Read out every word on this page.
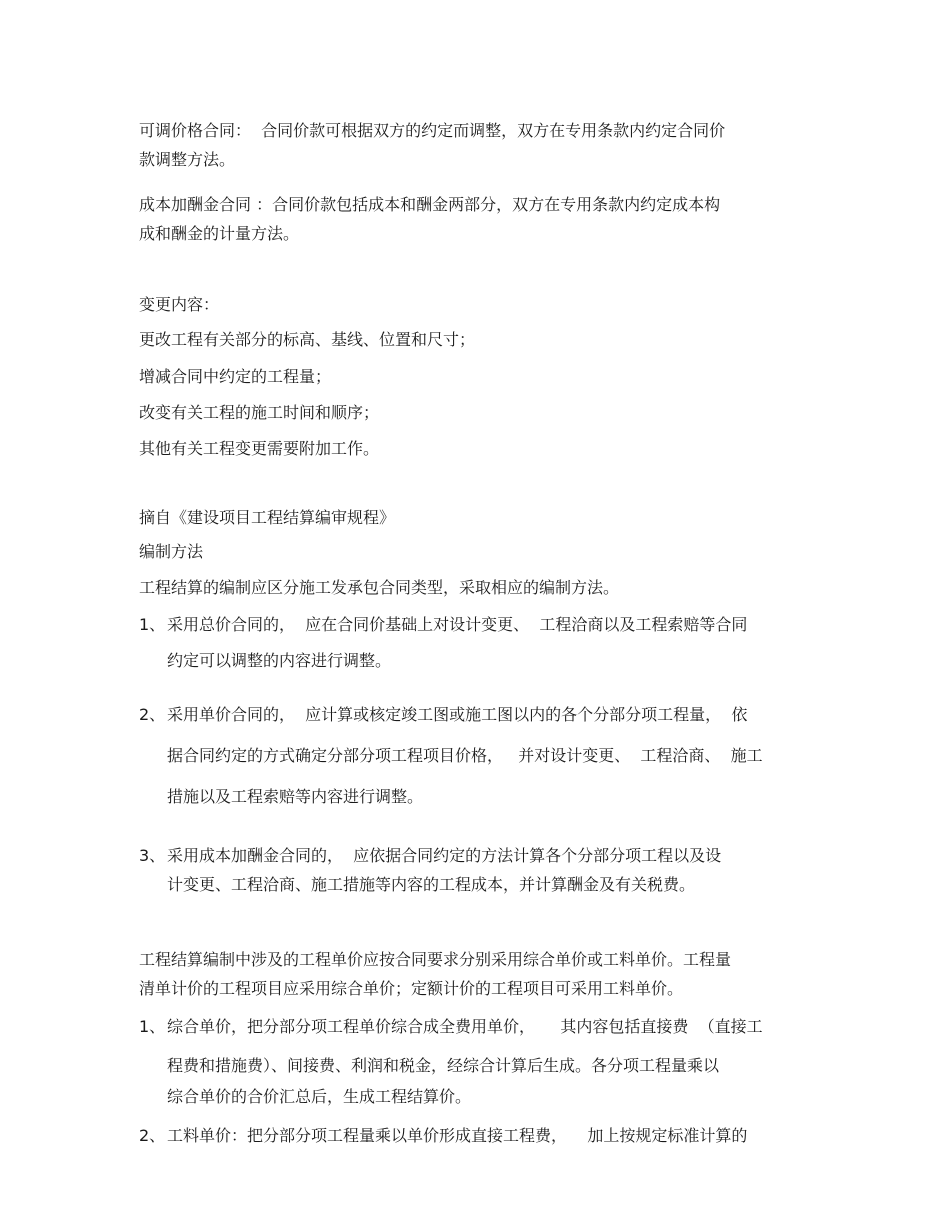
可调价格合同：  合同价款可根据双方的约定而调整，双方在专用条款内约定合同价
款调整方法。
成本加酬金合同 ：合同价款包括成本和酬金两部分，双方在专用条款内约定成本构
成和酬金的计量方法。
变更内容：
更改工程有关部分的标高、基线、位置和尺寸；
增减合同中约定的工程量；
改变有关工程的施工时间和顺序；
其他有关工程变更需要附加工作。
摘自《建设项目工程结算编审规程》
编制方法
工程结算的编制应区分施工发承包合同类型，采取相应的编制方法。
1、 采用总价合同的，  应在合同价基础上对设计变更、  工程洽商以及工程索赔等合同
约定可以调整的内容进行调整。
2、 采用单价合同的，  应计算或核定竣工图或施工图以内的各个分部分项工程量，  依
据合同约定的方式确定分部分项工程项目价格，   并对设计变更、  工程洽商、  施工
措施以及工程索赔等内容进行调整。
3、 采用成本加酬金合同的，  应依据合同约定的方法计算各个分部分项工程以及设
计变更、工程洽商、施工措施等内容的工程成本，并计算酬金及有关税费。
工程结算编制中涉及的工程单价应按合同要求分别采用综合单价或工料单价。工程量
清单计价的工程项目应采用综合单价；定额计价的工程项目可采用工料单价。
1、 综合单价，把分部分项工程单价综合成全费用单价，     其内容包括直接费  （直接工
程费和措施费）、间接费、利润和税金，经综合计算后生成。各分项工程量乘以
综合单价的合价汇总后，生成工程结算价。
2、 工料单价：把分部分项工程量乘以单价形成直接工程费，    加上按规定标准计算的
